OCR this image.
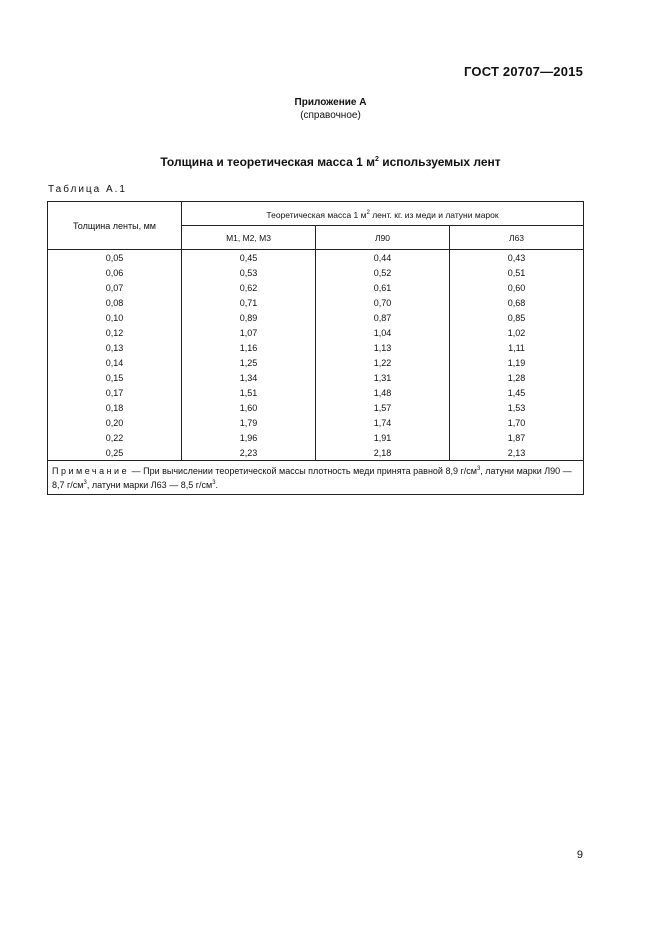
ГОСТ 20707—2015
Приложение А
(справочное)
Толщина и теоретическая масса 1 $м^2$ используемых лент
Таблица А.1
Толщина ленты, мм	Теоретическая масса 1 $м^2$ лент. кг. из меди и латуни марок		
	М1, М2, М3	Л90	Л63
0,05	0,45	0,44	0,43
0,06	0,53	0,52	0,51
0,07	0,62	0,61	0,60
0,08	0,71	0,70	0,68
0,10	0,89	0,87	0,85
0,12	1,07	1,04	1,02
0,13	1,16	1,13	1,11
0,14	1,25	1,22	1,19
0,15	1,34	1,31	1,28
0,17	1,51	1,48	1,45
0,18	1,60	1,57	1,53
0,20	1,79	1,74	1,70
0,22	1,96	1,91	1,87
0,25	2,23	2,18	2,13
Примечание — При вычислении теоретической массы плотность меди принята равной 8,9 $г/см^3$, латуни марки Л90 — 8,7 $г/см^3$, латуни марки Л63 — 8,5 $г/см^3$.			
9
